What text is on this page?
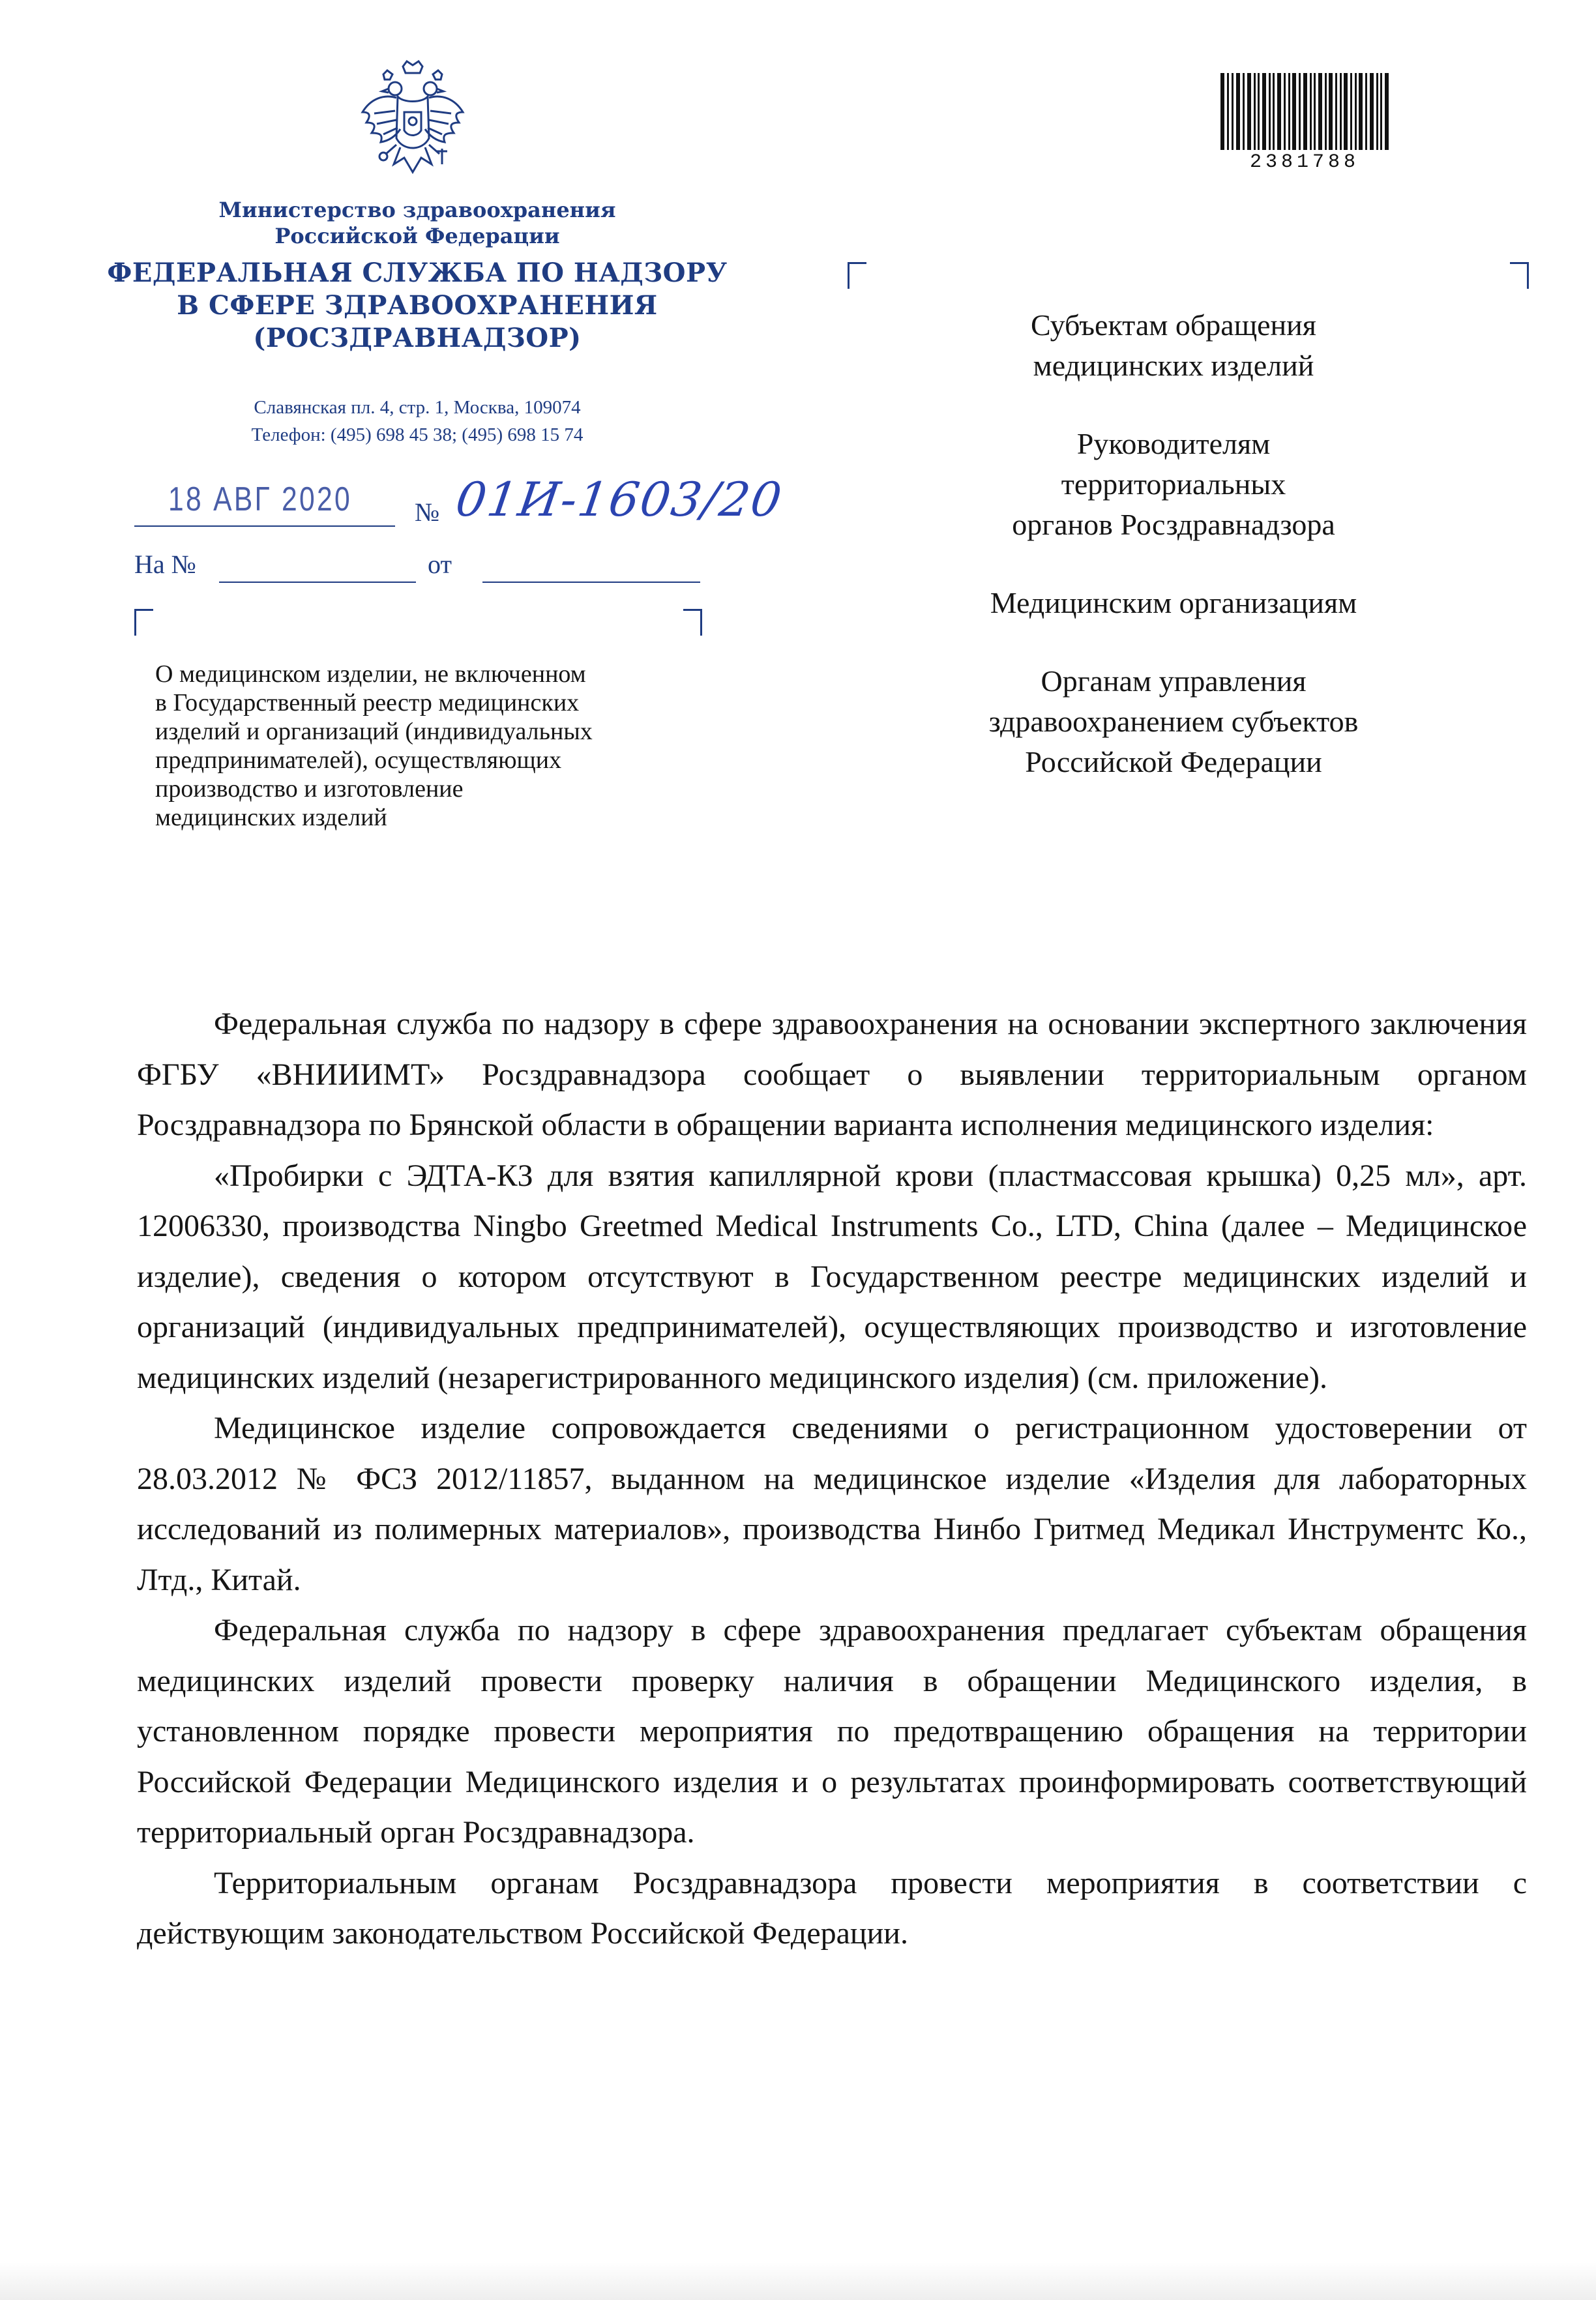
Министерство здравоохранения
Российской Федерации
ФЕДЕРАЛЬНАЯ СЛУЖБА ПО НАДЗОРУ
В СФЕРЕ ЗДРАВООХРАНЕНИЯ
(РОСЗДРАВНАДЗОР)
Славянская пл. 4, стр. 1, Москва, 109074
Телефон: (495) 698 45 38; (495) 698 15 74
18 АВГ 2020 № 01И-1603/20
На №	от
О медицинском изделии, не включенном
в Государственный реестр медицинских
изделий и организаций (индивидуальных
предпринимателей), осуществляющих
производство и изготовление
медицинских изделий
2381788
Субъектам обращения
медицинских изделий
Руководителям
территориальных
органов Росздравнадзора
Медицинским организациям
Органам управления
здравоохранением субъектов
Российской Федерации

Федеральная служба по надзору в сфере здравоохранения на основании экспертного заключения ФГБУ «ВНИИИМТ» Росздравнадзора сообщает о выявлении территориальным органом Росздравнадзора по Брянской области в обращении варианта исполнения медицинского изделия:

«Пробирки с ЭДТА-КЗ для взятия капиллярной крови (пластмассовая крышка) 0,25 мл», арт. 12006330, производства Ningbo Greetmed Medical Instruments Co., LTD, China (далее – Медицинское изделие), сведения о котором отсутствуют в Государственном реестре медицинских изделий и организаций (индивидуальных предпринимателей), осуществляющих производство и изготовление медицинских изделий (незарегистрированного медицинского изделия) (см. приложение).

Медицинское изделие сопровождается сведениями о регистрационном удостоверении от 28.03.2012 № ФСЗ 2012/11857, выданном на медицинское изделие «Изделия для лабораторных исследований из полимерных материалов», производства Нинбо Гритмед Медикал Инструментс Ко., Лтд., Китай.

Федеральная служба по надзору в сфере здравоохранения предлагает субъектам обращения медицинских изделий провести проверку наличия в обращении Медицинского изделия, в установленном порядке провести мероприятия по предотвращению обращения на территории Российской Федерации Медицинского изделия и о результатах проинформировать соответствующий территориальный орган Росздравнадзора.

Территориальным органам Росздравнадзора провести мероприятия в соответствии с действующим законодательством Российской Федерации.
